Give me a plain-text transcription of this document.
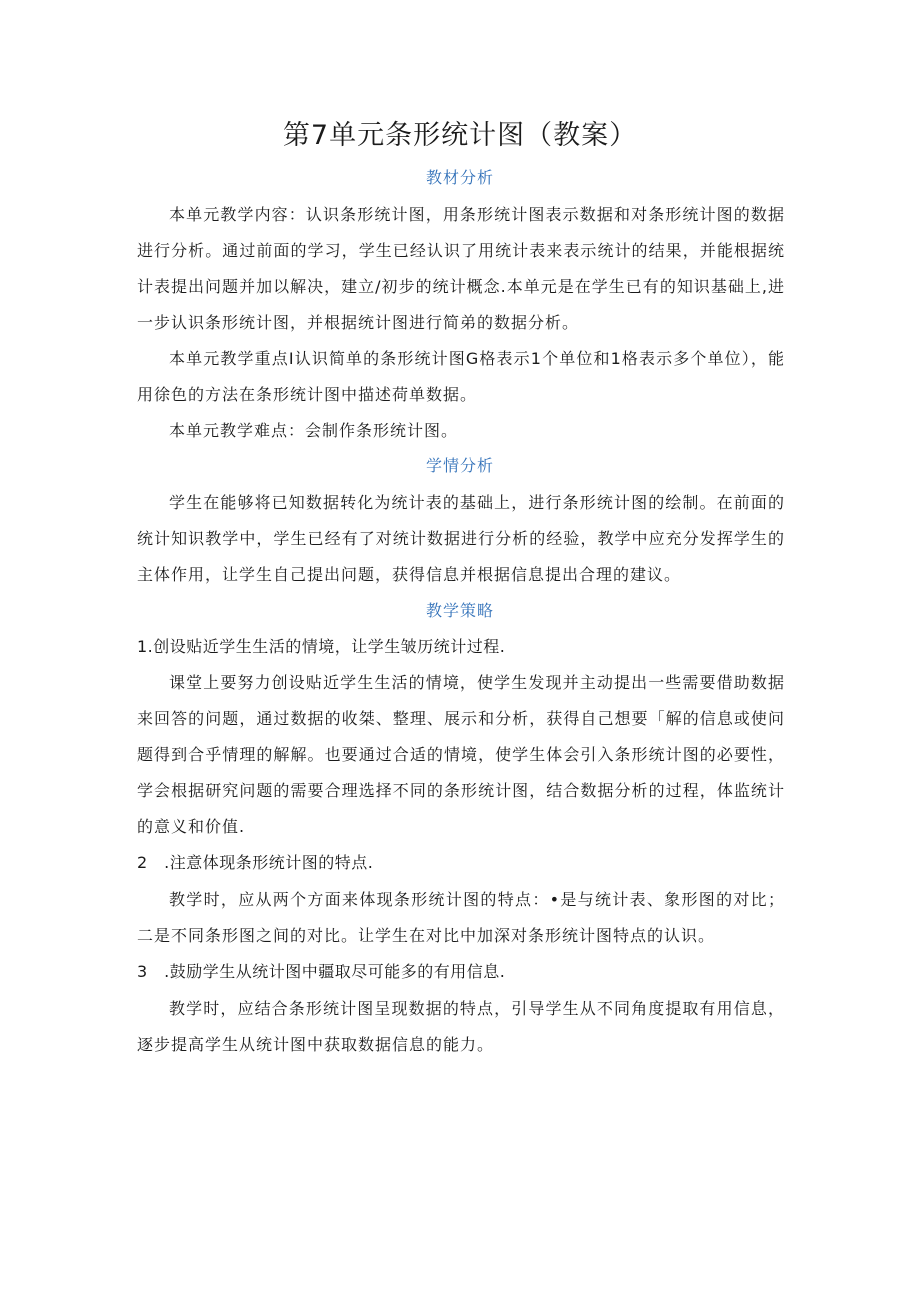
第7单元条形统计图（教案）
教材分析

本单元教学内容：认识条形统计图，用条形统计图表示数据和对条形统计图的数据进行分析。通过前面的学习，学生已经认识了用统计表来表示统计的结果，并能根据统计表提出问题并加以解决，建立/初步的统计概念.本单元是在学生已有的知识基础上,进一步认识条形统计图，并根据统计图进行简弟的数据分析。

本单元教学重点I认识简单的条形统计图G格表示1个单位和1格表示多个单位），能用徐色的方法在条形统计图中描述荷单数据。

本单元教学难点：会制作条形统计图。

学情分析

学生在能够将已知数据转化为统计表的基础上，进行条形统计图的绘制。在前面的统计知识教学中，学生已经有了对统计数据进行分析的经验，教学中应充分发挥学生的主体作用，让学生自己提出问题，获得信息并根据信息提出合理的建议。

教学策略

1.创设贴近学生生活的情境，让学生皱历统计过程.

课堂上要努力创设贴近学生生活的情境，使学生发现并主动提出一些需要借助数据来回答的问题，通过数据的收桀、整理、展示和分析，获得自己想要「解的信息或使问题得到合乎情理的解解。也要通过合适的情境，使学生体会引入条形统计图的必要性，学会根据研究问题的需要合理选择不同的条形统计图，结合数据分析的过程，体监统计的意义和价值.

2　.注意体现条形统计图的特点.

教学时，应从两个方面来体现条形统计图的特点：•是与统计表、象形图的对比；二是不同条形图之间的对比。让学生在对比中加深对条形统计图特点的认识。

3　.鼓励学生从统计图中疆取尽可能多的有用信息.

教学时，应结合条形统计图呈现数据的特点，引导学生从不同角度提取有用信息，逐步提高学生从统计图中获取数据信息的能力。
